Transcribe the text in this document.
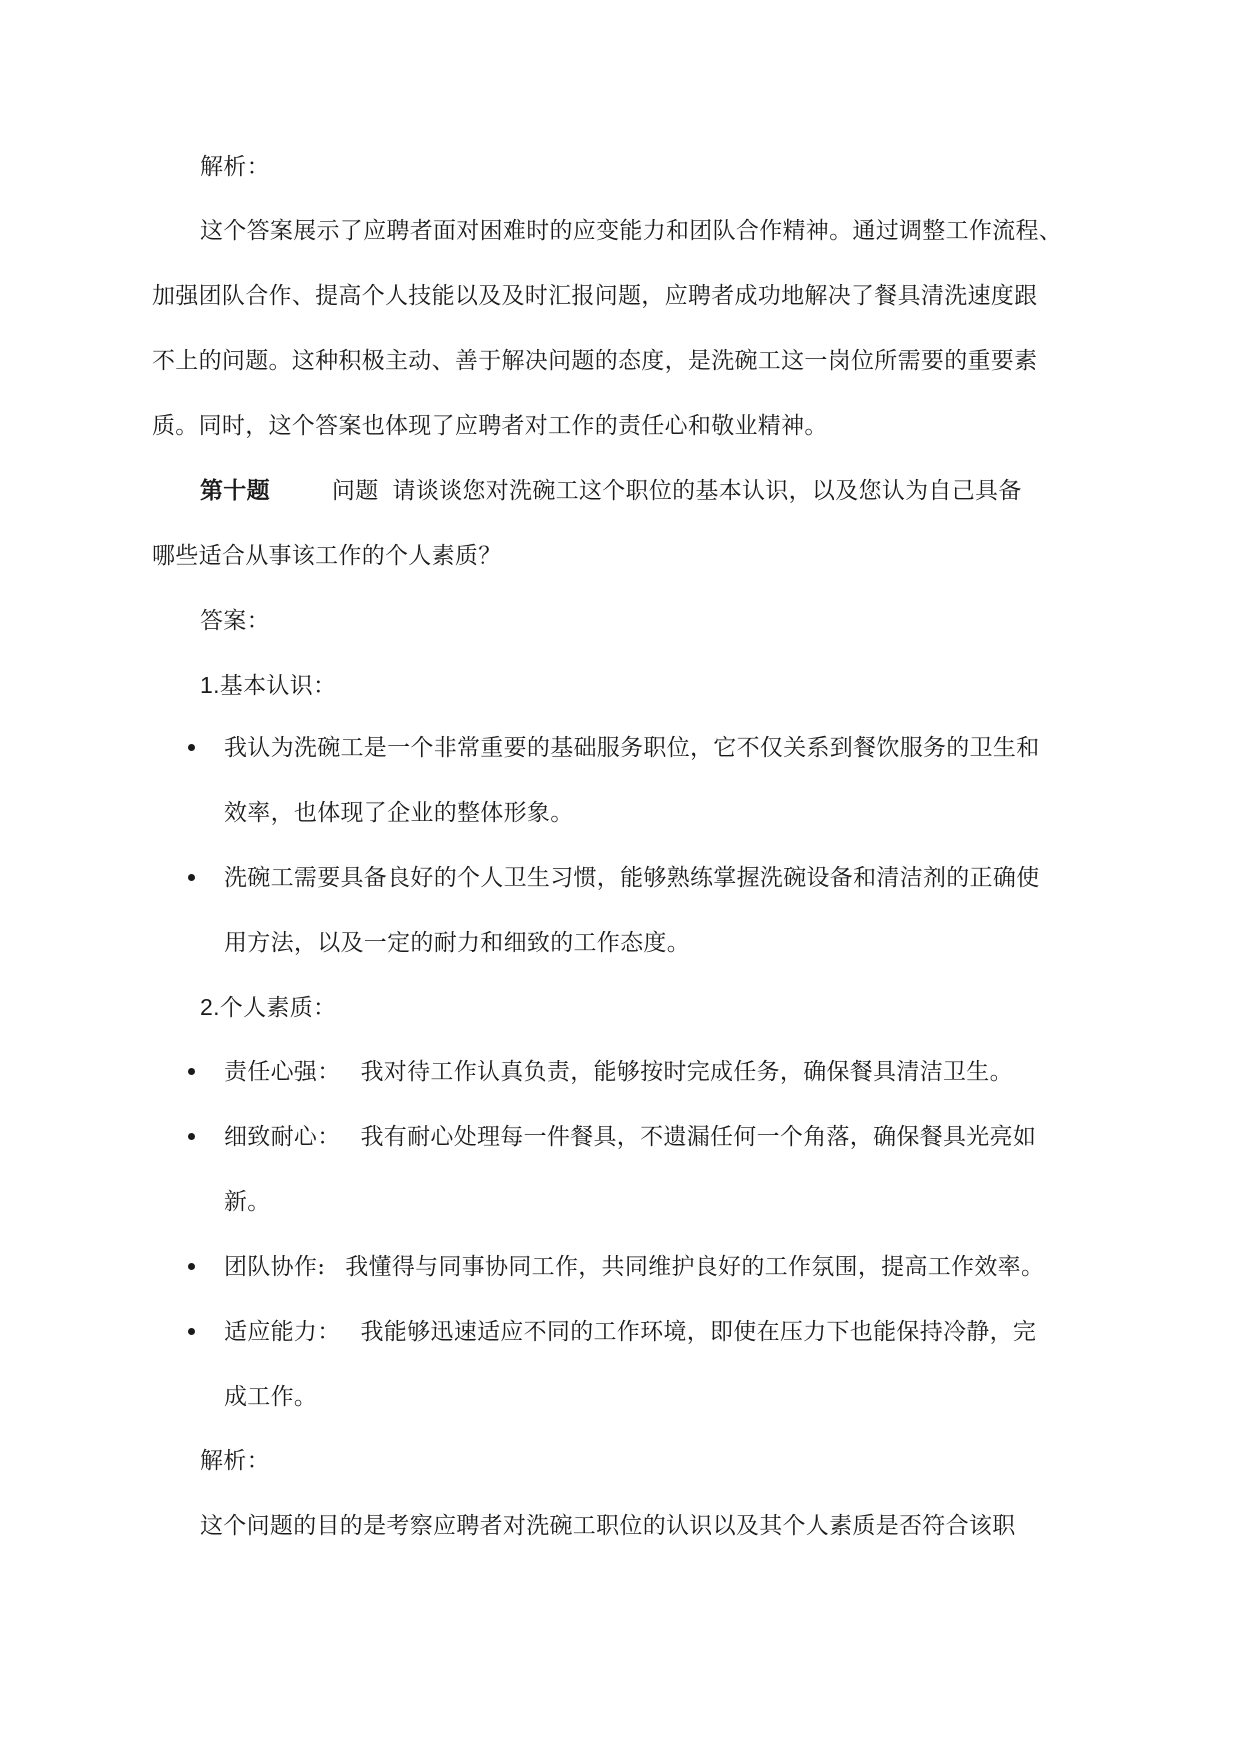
解析：
这个答案展示了应聘者面对困难时的应变能力和团队合作精神。通过调整工作流程、
加强团队合作、提高个人技能以及及时汇报问题，应聘者成功地解决了餐具清洗速度跟
不上的问题。这种积极主动、善于解决问题的态度，是洗碗工这一岗位所需要的重要素
质。同时，这个答案也体现了应聘者对工作的责任心和敬业精神。
第十题	问题 请谈谈您对洗碗工这个职位的基本认识，以及您认为自己具备
哪些适合从事该工作的个人素质？
答案：
1.基本认识：
我认为洗碗工是一个非常重要的基础服务职位，它不仅关系到餐饮服务的卫生和
效率，也体现了企业的整体形象。
洗碗工需要具备良好的个人卫生习惯，能够熟练掌握洗碗设备和清洁剂的正确使
用方法，以及一定的耐力和细致的工作态度。
2.个人素质：
责任心强： 我对待工作认真负责，能够按时完成任务，确保餐具清洁卫生。
细致耐心： 我有耐心处理每一件餐具，不遗漏任何一个角落，确保餐具光亮如
新。
团队协作: 我懂得与同事协同工作，共同维护良好的工作氛围，提高工作效率。
适应能力： 我能够迅速适应不同的工作环境，即使在压力下也能保持冷静，完
成工作。
解析：
这个问题的目的是考察应聘者对洗碗工职位的认识以及其个人素质是否符合该职
